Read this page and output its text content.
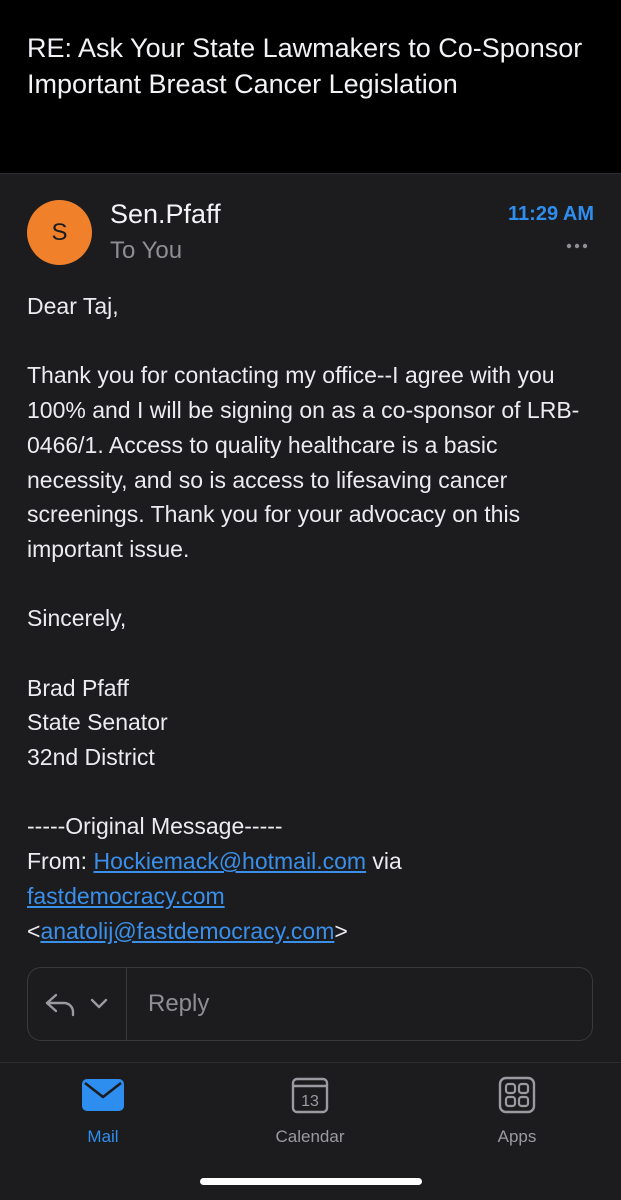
RE: Ask Your State Lawmakers to Co-Sponsor Important Breast Cancer Legislation
S
Sen.Pfaff
To You
11:29 AM

Dear Taj,

Thank you for contacting my office--I agree with you 100% and I will be signing on as a co-sponsor of LRB-0466/1. Access to quality healthcare is a basic necessity, and so is access to lifesaving cancer screenings. Thank you for your advocacy on this important issue.

Sincerely,

Brad Pfaff

State Senator

32nd District

-----Original Message-----

From: Hockiemack@hotmail.com via

fastdemocracy.com

<anatolij@fastdemocracy.com>

Reply
Mail
13
Calendar	Apps
